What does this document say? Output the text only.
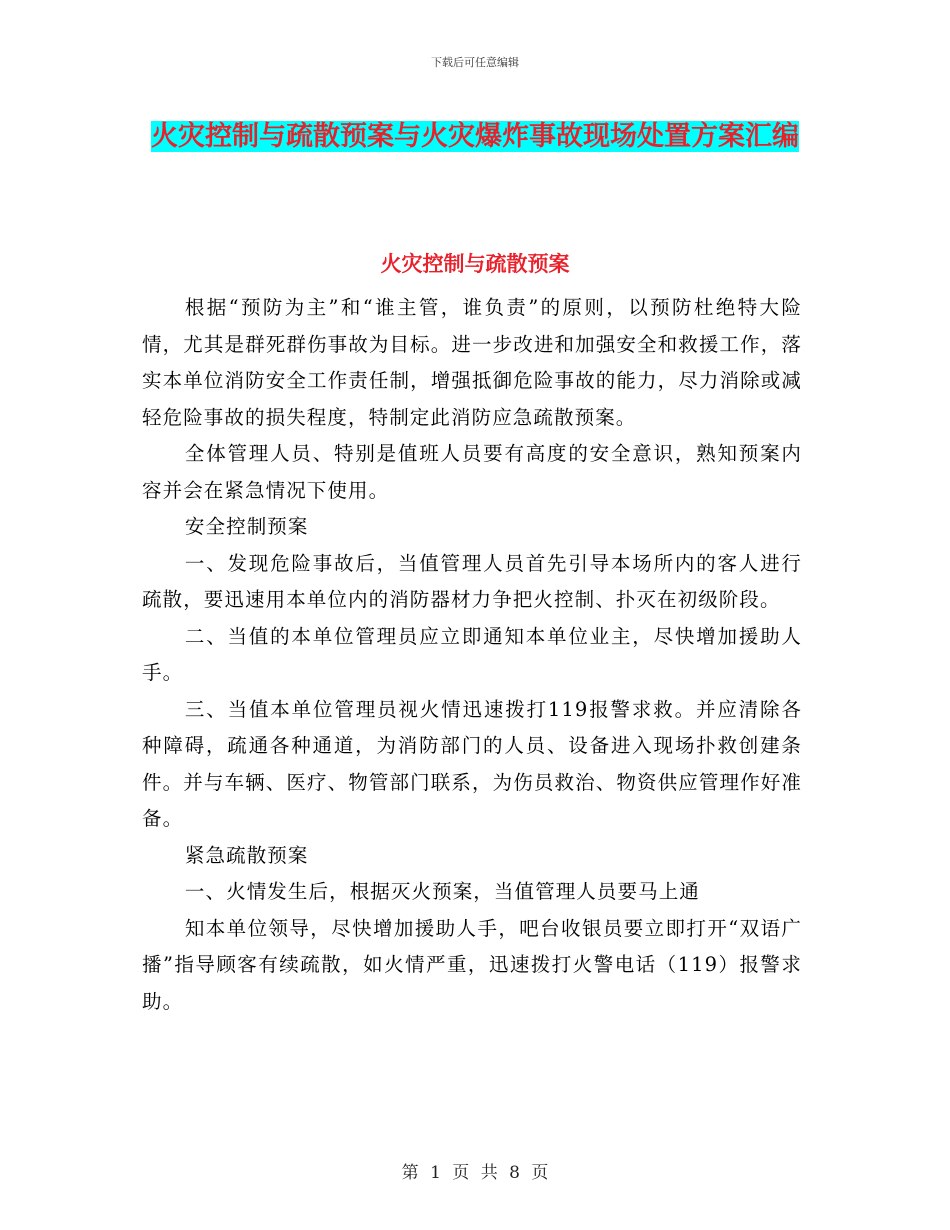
下载后可任意编辑
火灾控制与疏散预案与火灾爆炸事故现场处置方案汇编
火灾控制与疏散预案

根据“预防为主”和“谁主管，谁负责”的原则，以预防杜绝特大险情，尤其是群死群伤事故为目标。进一步改进和加强安全和救援工作，落实本单位消防安全工作责任制，增强抵御危险事故的能力，尽力消除或减轻危险事故的损失程度，特制定此消防应急疏散预案。

全体管理人员、特别是值班人员要有高度的安全意识，熟知预案内容并会在紧急情况下使用。

安全控制预案

一、发现危险事故后，当值管理人员首先引导本场所内的客人进行疏散，要迅速用本单位内的消防器材力争把火控制、扑灭在初级阶段。

二、当值的本单位管理员应立即通知本单位业主，尽快增加援助人手。

三、当值本单位管理员视火情迅速拨打119报警求救。并应清除各种障碍，疏通各种通道，为消防部门的人员、设备进入现场扑救创建条件。并与车辆、医疗、物管部门联系，为伤员救治、物资供应管理作好准备。

紧急疏散预案

一、火情发生后，根据灭火预案，当值管理人员要马上通

知本单位领导，尽快增加援助人手，吧台收银员要立即打开“双语广播”指导顾客有续疏散，如火情严重，迅速拨打火警电话（119）报警求助。

第 1 页 共 8 页
